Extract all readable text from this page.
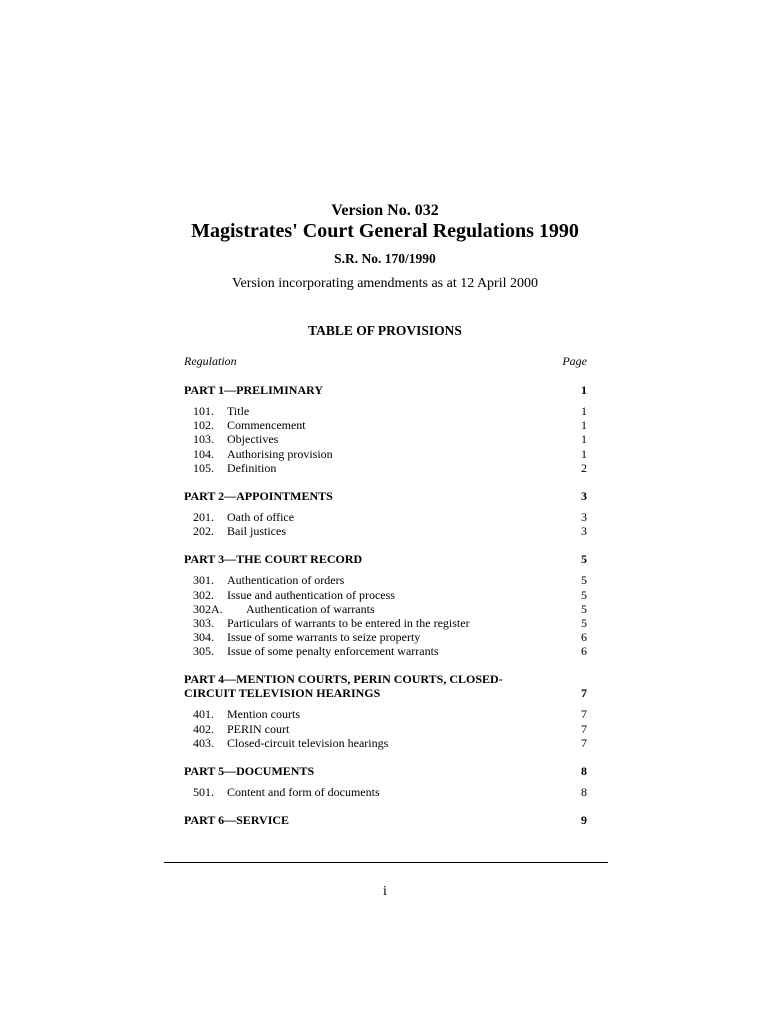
Version No. 032
Magistrates' Court General Regulations 1990
S.R. No. 170/1990
Version incorporating amendments as at 12 April 2000
TABLE OF PROVISIONS
Regulation	Page
PART 1—PRELIMINARY	1
101. Title	1
102. Commencement	1
103. Objectives	1
104. Authorising provision	1
105. Definition	2
PART 2—APPOINTMENTS	3
201. Oath of office	3
202. Bail justices	3
PART 3—THE COURT RECORD	5
301. Authentication of orders	5
302. Issue and authentication of process	5
302A. Authentication of warrants	5
303. Particulars of warrants to be entered in the register	5
304. Issue of some warrants to seize property	6
305. Issue of some penalty enforcement warrants	6
PART 4—MENTION COURTS, PERIN COURTS, CLOSED-CIRCUIT TELEVISION HEARINGS	7
401. Mention courts	7
402. PERIN court	7
403. Closed-circuit television hearings	7
PART 5—DOCUMENTS	8
501. Content and form of documents	8
PART 6—SERVICE	9
i
